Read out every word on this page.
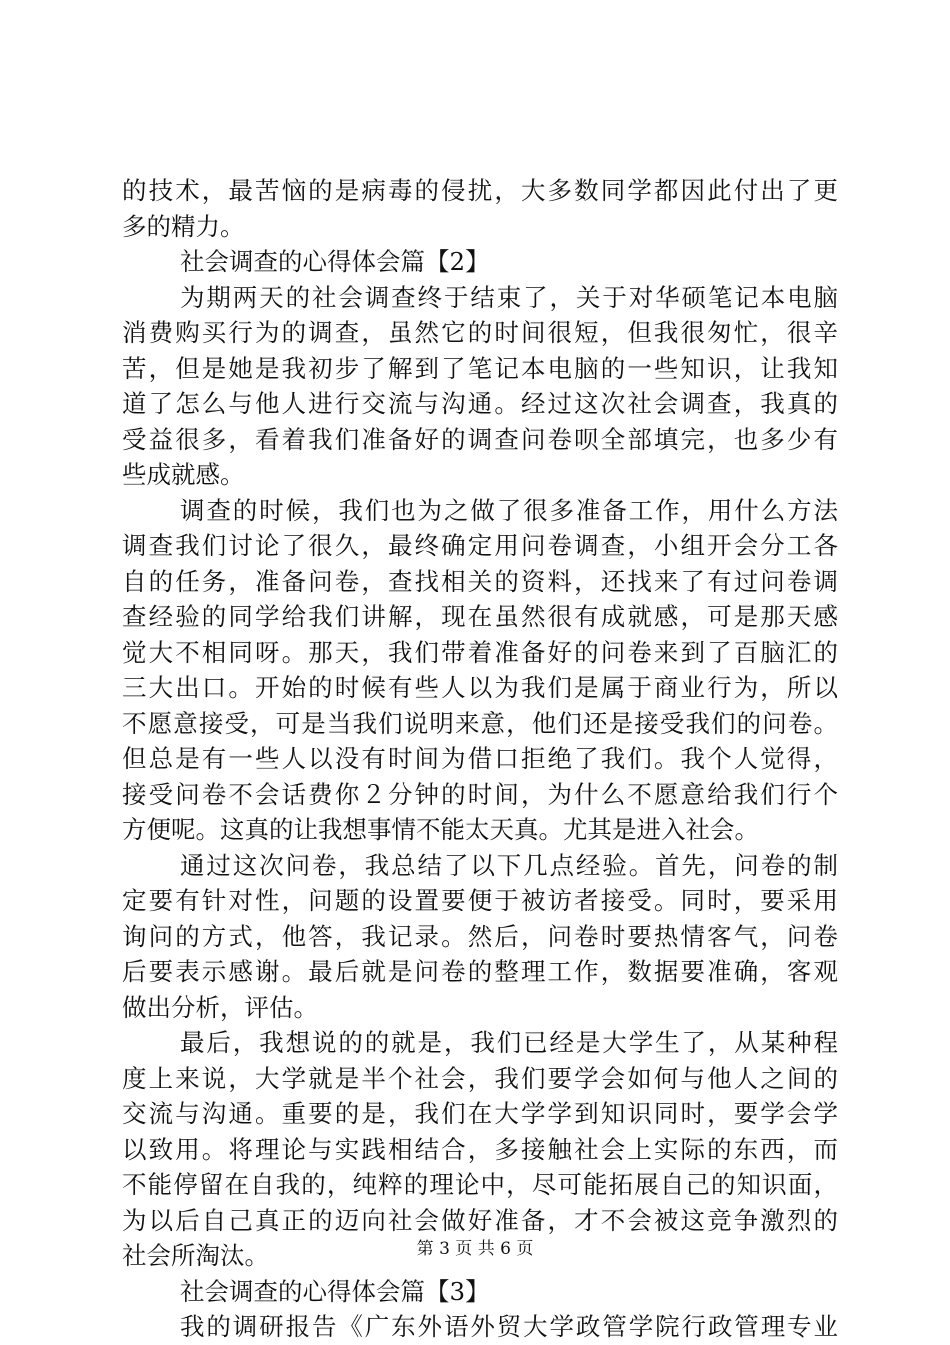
的技术，最苦恼的是病毒的侵扰，大多数同学都因此付出了更
多的精力。
社会调查的心得体会篇【2】
为期两天的社会调查终于结束了，关于对华硕笔记本电脑
消费购买行为的调查，虽然它的时间很短，但我很匆忙，很辛
苦，但是她是我初步了解到了笔记本电脑的一些知识，让我知
道了怎么与他人进行交流与沟通。经过这次社会调查，我真的
受益很多，看着我们准备好的调查问卷呗全部填完，也多少有
些成就感。
调查的时候，我们也为之做了很多准备工作，用什么方法
调查我们讨论了很久，最终确定用问卷调查，小组开会分工各
自的任务，准备问卷，查找相关的资料，还找来了有过问卷调
查经验的同学给我们讲解，现在虽然很有成就感，可是那天感
觉大不相同呀。那天，我们带着准备好的问卷来到了百脑汇的
三大出口。开始的时候有些人以为我们是属于商业行为，所以
不愿意接受，可是当我们说明来意，他们还是接受我们的问卷。
但总是有一些人以没有时间为借口拒绝了我们。我个人觉得，
接受问卷不会话费你２分钟的时间，为什么不愿意给我们行个
方便呢。这真的让我想事情不能太天真。尤其是进入社会。
通过这次问卷，我总结了以下几点经验。首先，问卷的制
定要有针对性，问题的设置要便于被访者接受。同时，要采用
询问的方式，他答，我记录。然后，问卷时要热情客气，问卷
后要表示感谢。最后就是问卷的整理工作，数据要准确，客观
做出分析，评估。
最后，我想说的的就是，我们已经是大学生了，从某种程
度上来说，大学就是半个社会，我们要学会如何与他人之间的
交流与沟通。重要的是，我们在大学学到知识同时，要学会学
以致用。将理论与实践相结合，多接触社会上实际的东西，而
不能停留在自我的，纯粹的理论中，尽可能拓展自己的知识面，
为以后自己真正的迈向社会做好准备，才不会被这竞争激烈的
社会所淘汰。
社会调查的心得体会篇【3】
我的调研报告《广东外语外贸大学政管学院行政管理专业
第 3 页 共 6 页
